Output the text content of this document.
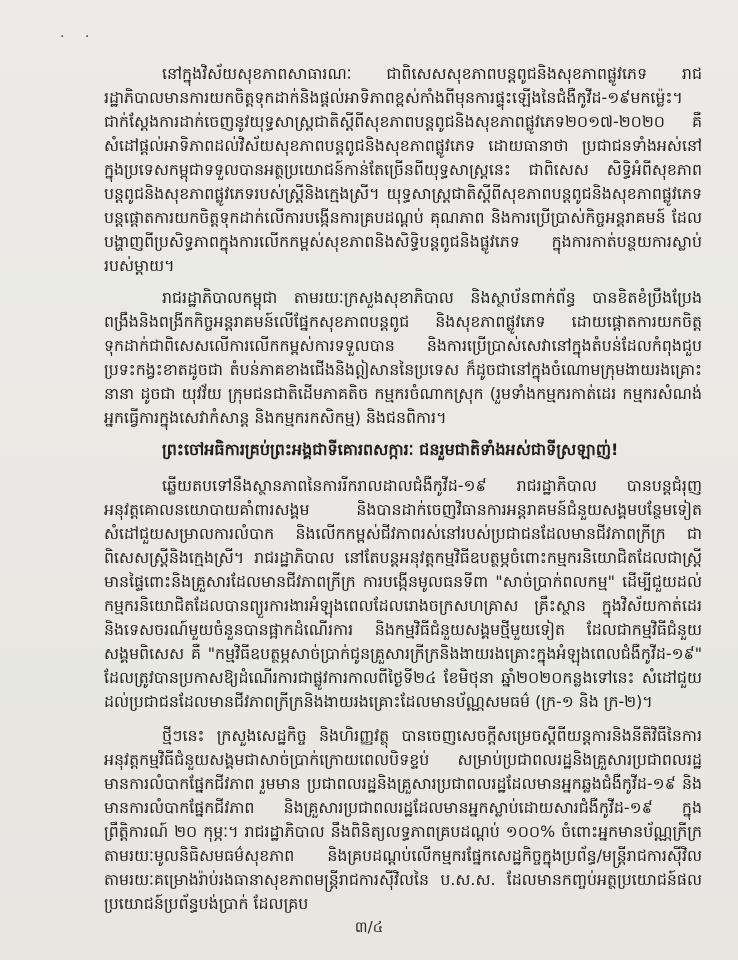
· ·

នៅក្នុងវិស័យសុខភាពសាធារណៈ ជាពិសេសសុខភាពបន្តពូជនិងសុខភាពផ្លូវភេទ រាជរដ្ឋាភិបាលមានការយកចិត្តទុកដាក់និងផ្តល់អាទិភាពខ្ពស់កាំងពីមុនការផ្ទុះឡើងនៃជំងឺកូវីដ-១៩មកម្ល៉េះ។ ជាក់ស្តែងការដាក់ចេញនូវយុទ្ធសាស្ត្រជាតិស្តីពីសុខភាពបន្តពូជនិងសុខភាពផ្លូវភេទ២០១៧-២០២០ គឺសំដៅផ្តល់អាទិភាពដល់វិស័យសុខភាពបន្តពូជនិងសុខភាពផ្លូវភេទ ដោយធានាថា ប្រជាជនទាំងអស់នៅក្នុងប្រទេសកម្ពុជាទទួលបានអត្ថប្រយោជន៍កាន់តែច្រើនពីយុទ្ធសាស្ត្រនេះ ជាពិសេស សិទ្ធិអំពីសុខភាពបន្តពូជនិងសុខភាពផ្លូវភេទរបស់ស្ត្រីនិងក្មេងស្រី។ យុទ្ធសាស្ត្រជាតិស្តីពីសុខភាពបន្តពូជនិងសុខភាពផ្លូវភេទ បន្តផ្តោតការយកចិត្តទុកដាក់លើការបង្កើនការគ្របដណ្តប់ គុណភាព និងការប្រើប្រាស់កិច្ចអន្តរាគមន៍ ដែលបង្ហាញពីប្រសិទ្ធភាពក្នុងការលើកកម្ពស់សុខភាពនិងសិទ្ធិបន្តពូជនិងផ្លូវភេទ ក្នុងការកាត់បន្ថយការស្លាប់របស់ម្តាយ។

រាជរដ្ឋាភិបាលកម្ពុជា តាមរយៈក្រសួងសុខាភិបាល និងស្ថាប័នពាក់ព័ន្ធ បានខិតខំប្រឹងប្រែងពង្រឹងនិងពង្រីកកិច្ចអន្តរាគមន៍លើផ្នែកសុខភាពបន្តពូជ និងសុខភាពផ្លូវភេទ ដោយផ្តោតការយកចិត្តទុកដាក់ជាពិសេសលើការលើកកម្ពស់ការទទួលបាន និងការប្រើប្រាស់សេវានៅក្នុងតំបន់ដែលកំពុងជួបប្រទះកង្វះខាតដូចជា តំបន់ភាគខាងជើងនិងឦសាននៃប្រទេស ក៏ដូចជានៅក្នុងចំណោមក្រុមងាយរងគ្រោះនានា ដូចជា យុវវ័យ ក្រុមជនជាតិដើមភាគតិច កម្មករចំណាកស្រុក (រួមទាំងកម្មករកាត់ដេរ កម្មករសំណង់ អ្នកធ្វើការក្នុងសេវាកំសាន្ត និងកម្មករកសិកម្ម) និងជនពិការ។

ព្រះចៅអធិការគ្រប់ព្រះអង្គជាទីគោរពសក្ការៈ ជនរួមជាតិទាំងអស់ជាទីស្រឡាញ់!

ឆ្លើយតបទៅនឹងស្ថានភាពនៃការរីករាលដាលជំងឺកូវីដ-១៩ រាជរដ្ឋាភិបាល បានបន្តជំរុញអនុវត្តគោលនយោបាយគាំពារសង្គម និងបានដាក់ចេញវិធានការអន្តរាគមន៍ជំនួយសង្គមបន្ថែមទៀត សំដៅជួយសម្រាលការលំបាក និងលើកកម្ពស់ជីវភាពរស់នៅរបស់ប្រជាជនដែលមានជីវភាពក្រីក្រ ជាពិសេសស្ត្រីនិងក្មេងស្រី។ រាជរដ្ឋាភិបាល នៅតែបន្តអនុវត្តកម្មវិធីឧបត្ថម្ភចំពោះកម្មករនិយោជិតដែលជាស្ត្រីមានផ្ទៃពោះនិងគ្រួសារដែលមានជីវភាពក្រីក្រ ការបង្កើនមូលធនទីពា "សាច់ប្រាក់ពលកម្ម" ដើម្បីជួយដល់កម្មករនិយោជិតដែលបានព្យួរការងារអំឡុងពេលដែលរោងចក្រសហគ្រាស គ្រឹះស្ថាន ក្នុងវិស័យកាត់ដេរ និងទេសចរណ៍មួយចំនួនបានផ្អាកដំណើរការ និងកម្មវិធីជំនួយសង្គមថ្មីមួយទៀត ដែលជាកម្មវិធីជំនួយសង្គមពិសេស គឺ "កម្មវិធីឧបត្ថម្ភសាច់ប្រាក់ជូនគ្រួសារក្រីក្រនិងងាយរងគ្រោះក្នុងអំឡុងពេលជំងឺកូវីដ-១៩" ដែលត្រូវបានប្រកាសឱ្យដំណើរការជាផ្លូវការកាលពីថ្ងៃទី២៤ ខែមិថុនា ឆ្នាំ២០២០កន្លងទៅនេះ សំដៅជួយដល់ប្រជាជនដែលមានជីវភាពក្រីក្រនិងងាយរងគ្រោះដែលមានប័ណ្ណសមធម៌ (ក្រ-១ និង ក្រ-២)។

ថ្មីៗនេះ ក្រសួងសេដ្ឋកិច្ច និងហិរញ្ញវត្ថុ បានចេញសេចក្តីសម្រេចស្តីពីយន្តការនិងនីតិវិធីនៃការអនុវត្តកម្មវិធីជំនួយសង្គមជាសាច់ប្រាក់ក្រោយពេលបិទខ្ទប់ សម្រាប់ប្រជាពលរដ្ឋនិងគ្រួសារប្រជាពលរដ្ឋមានការលំបាកផ្នែកជីវភាព រួមមាន ប្រជាពលរដ្ឋនិងគ្រួសារប្រជាពលរដ្ឋដែលមានអ្នកឆ្លងជំងឺកូវីដ-១៩ និងមានការលំបាកផ្នែកជីវភាព និងគ្រួសារប្រជាពលរដ្ឋដែលមានអ្នកស្លាប់ដោយសារជំងឺកូវីដ-១៩ ក្នុងព្រឹត្តិការណ៍ ២០ កុម្ភៈ។ រាជរដ្ឋាភិបាល នឹងពិនិត្យលទ្ធភាពគ្របដណ្តប់ ១០០% ចំពោះអ្នកមានប័ណ្ណក្រីក្រ តាមរយៈមូលនិធិសមធម៌សុខភាព និងគ្របដណ្តប់លើកម្មករផ្នែកសេដ្ឋកិច្ចក្នុងប្រព័ន្ធ/មន្ត្រីរាជការស៊ីវិល តាមរយៈគម្រោងរ៉ាប់រងធានាសុខភាពមន្ត្រីរាជការស៊ីវិលនៃ ប.ស.ស. ដែលមានកញ្ចប់អត្ថប្រយោជន៍ផលប្រយោជន៍ប្រព័ន្ធបង់ប្រាក់ ដែលគ្រប

៣/៤
